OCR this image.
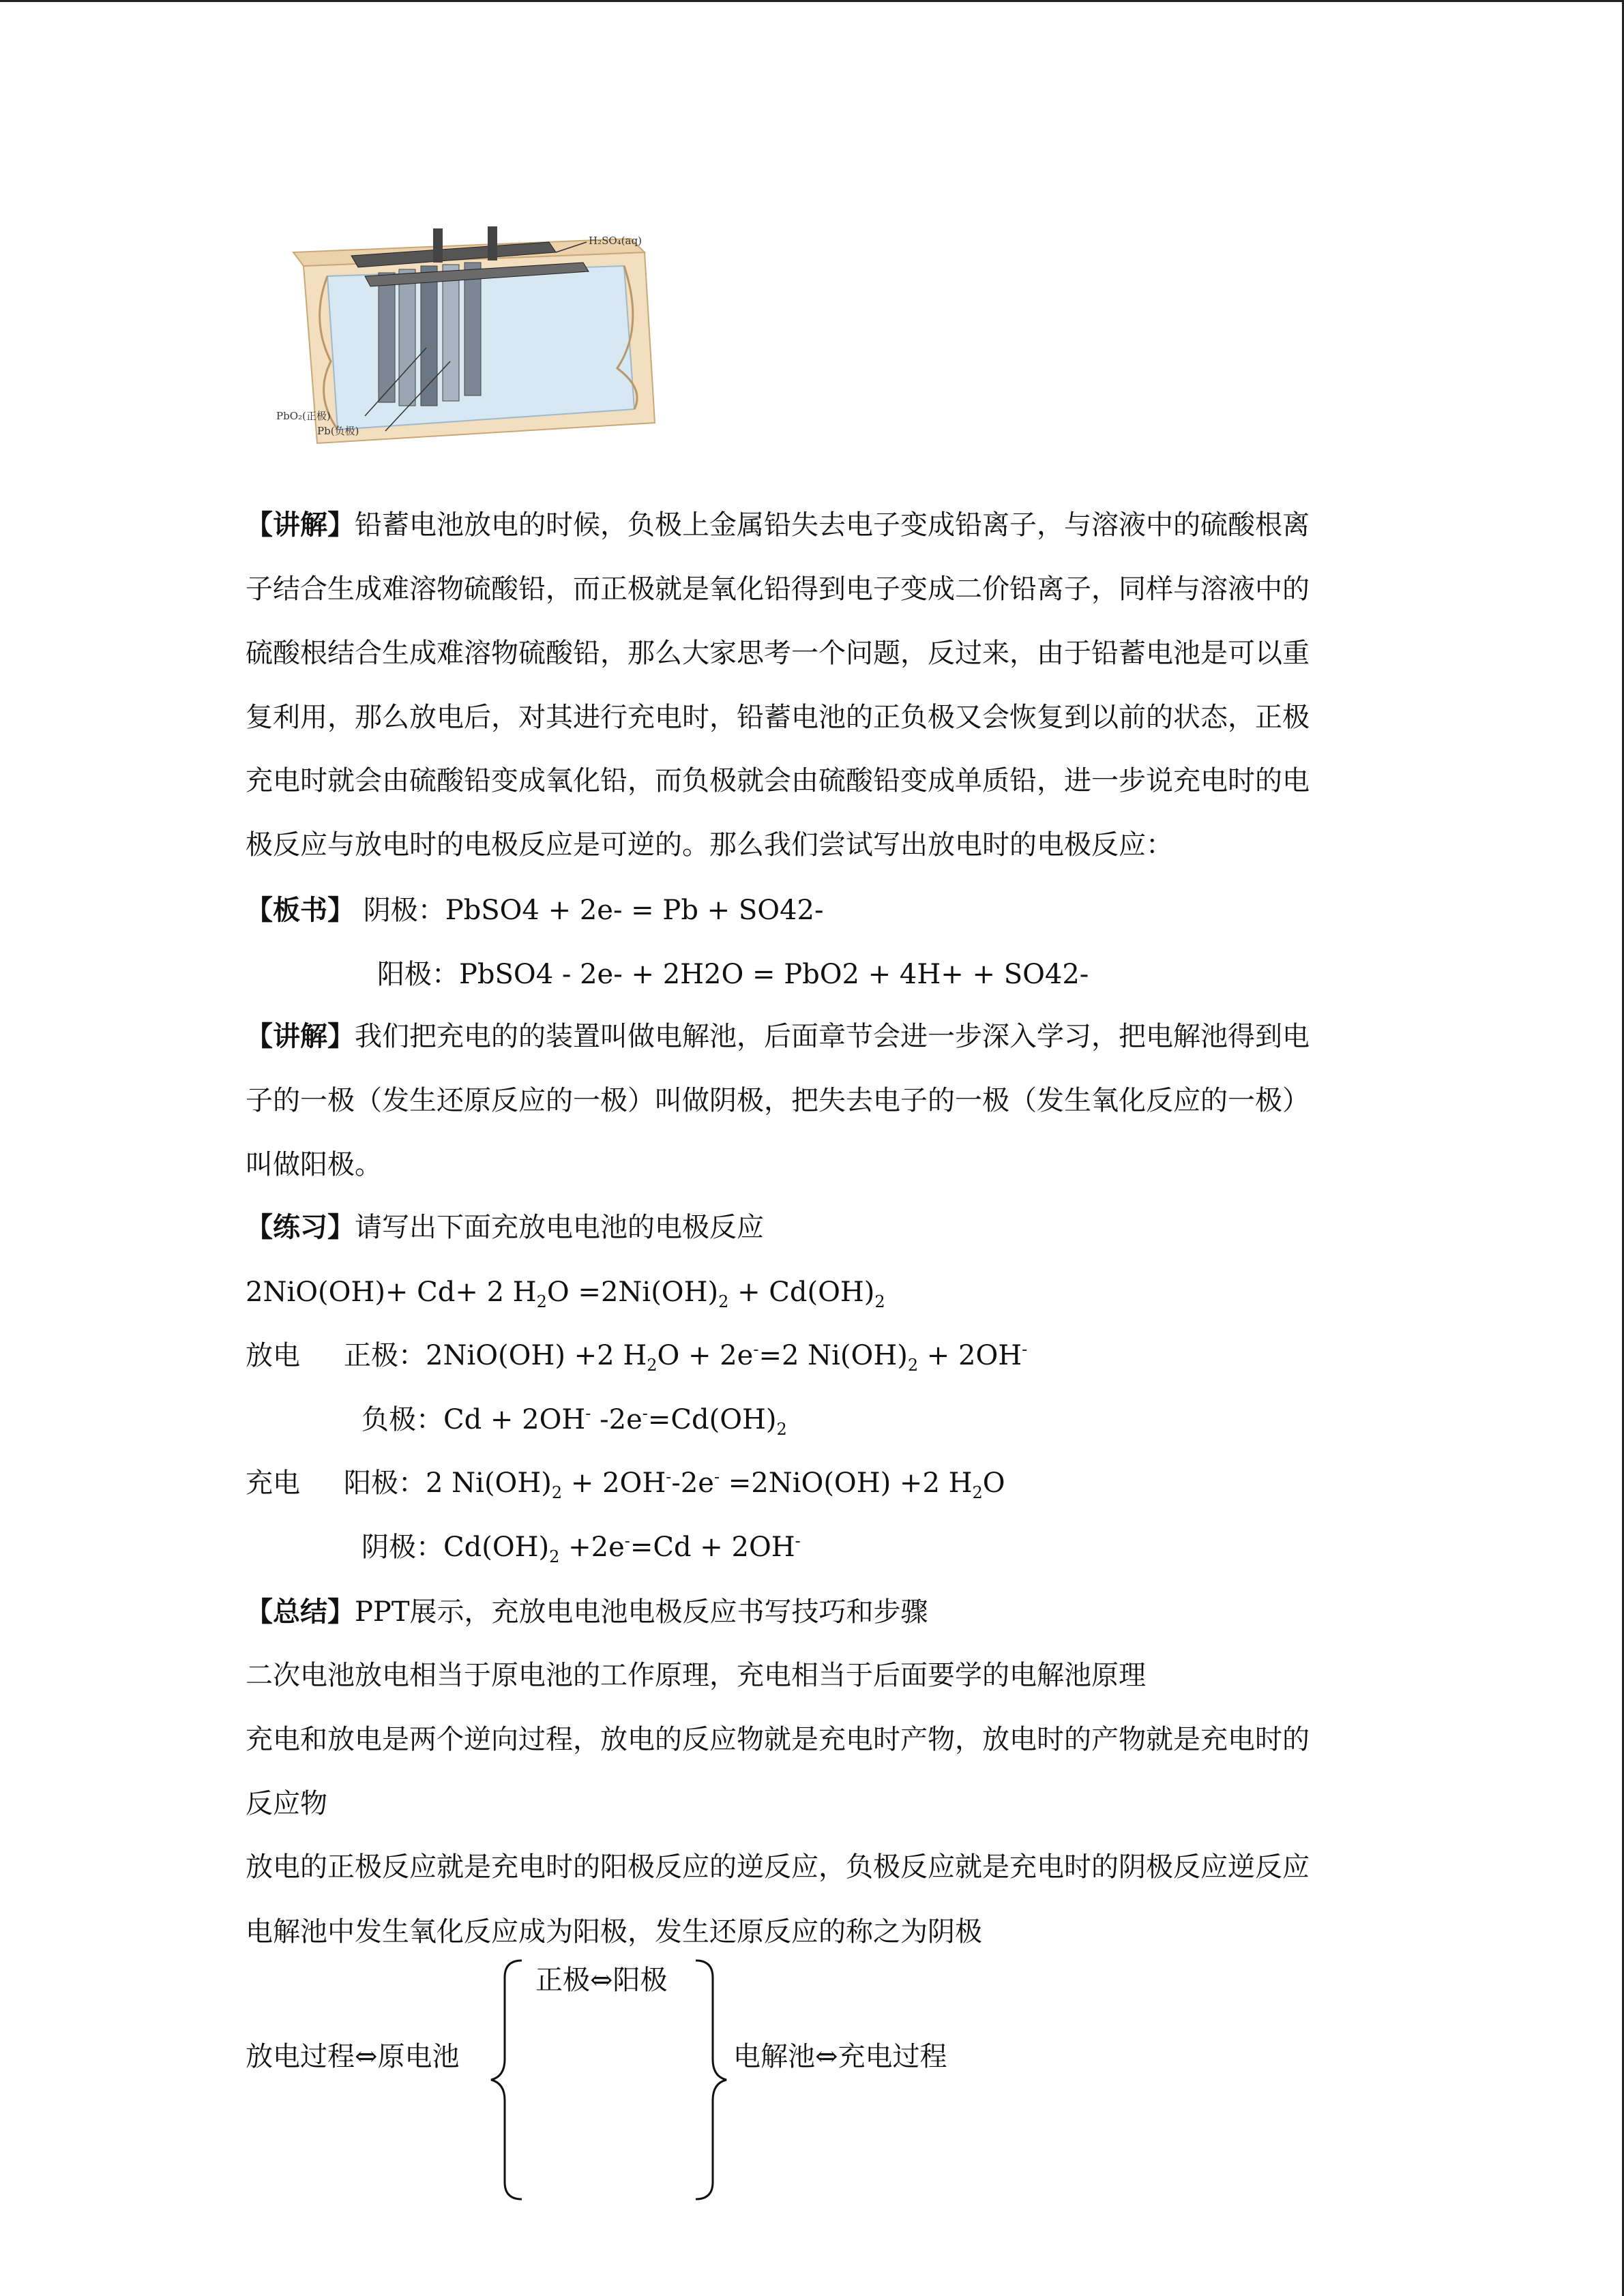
H₂SO₄(aq)
PbO₂(正极)
Pb(负极)
【讲解】铅蓄电池放电的时候，负极上金属铅失去电子变成铅离子，与溶液中的硫酸根离
子结合生成难溶物硫酸铅，而正极就是氧化铅得到电子变成二价铅离子，同样与溶液中的
硫酸根结合生成难溶物硫酸铅，那么大家思考一个问题，反过来，由于铅蓄电池是可以重
复利用，那么放电后，对其进行充电时，铅蓄电池的正负极又会恢复到以前的状态，正极
充电时就会由硫酸铅变成氧化铅，而负极就会由硫酸铅变成单质铅，进一步说充电时的电
极反应与放电时的电极反应是可逆的。那么我们尝试写出放电时的电极反应：
【板书】 阴极：PbSO4 + 2e- = Pb + SO42-
阳极：PbSO4 - 2e- + 2H2O = PbO2 + 4H+ + SO42-
【讲解】我们把充电的的装置叫做电解池，后面章节会进一步深入学习，把电解池得到电
子的一极（发生还原反应的一极）叫做阴极，把失去电子的一极（发生氧化反应的一极）
叫做阳极。
【练习】请写出下面充放电电池的电极反应
2NiO(OH)+ Cd+ 2 $H_2O =2Ni(OH)_2 + Cd(OH)_2$
放电 正极：2NiO(OH) +2 $H_2O + 2e^-=2$ $Ni(OH)_2 + 2OH^-$
负极：Cd + 2OH- $-2e^-=Cd(OH)_2$
充电 阳极：2 $Ni(OH)_2 + 2OH^--2e^- =2NiO(OH) +2$ $H_2O$
阴极：$Cd(OH)_2 +2e^-=Cd + 2OH^-$
【总结】PPT展示，充放电电池电极反应书写技巧和步骤
二次电池放电相当于原电池的工作原理，充电相当于后面要学的电解池原理
充电和放电是两个逆向过程，放电的反应物就是充电时产物，放电时的产物就是充电时的
反应物
放电的正极反应就是充电时的阳极反应的逆反应，负极反应就是充电时的阴极反应逆反应
电解池中发生氧化反应成为阳极，发生还原反应的称之为阴极
放电过程⇔原电池
正极⇔阳极
电解池⇔充电过程
